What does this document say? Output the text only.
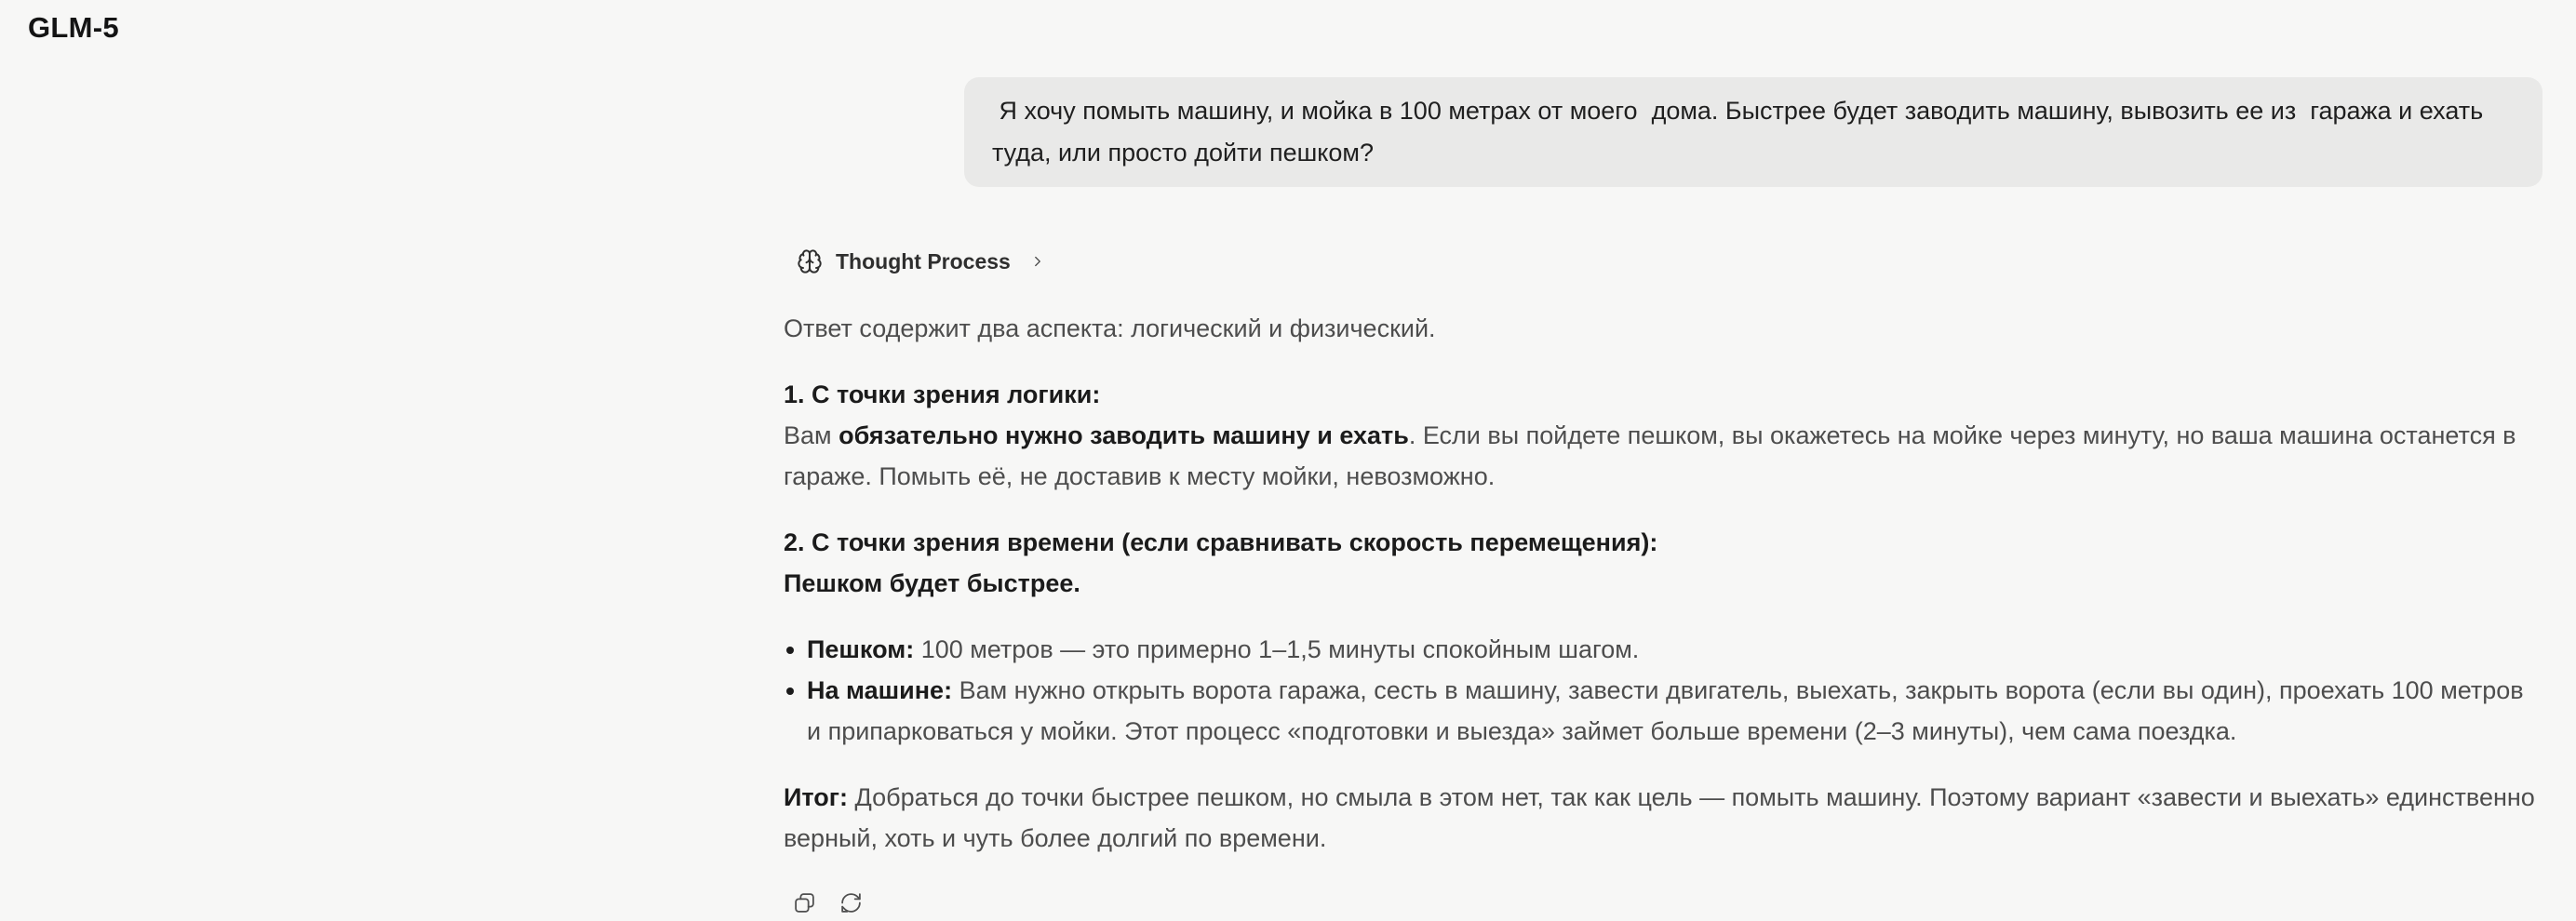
GLM-5
Я хочу помыть машину, и мойка в 100 метрах от моего  дома. Быстрее будет заводить машину, вывозить ее из  гаража и ехать туда, или просто дойти пешком?
Thought Process
Ответ содержит два аспекта: логический и физический.
1. С точки зрения логики:
Вам обязательно нужно заводить машину и ехать. Если вы пойдете пешком, вы окажетесь на мойке через минуту, но ваша машина останется в гараже. Помыть её, не доставив к месту мойки, невозможно.
2. С точки зрения времени (если сравнивать скорость перемещения):
Пешком будет быстрее.
Пешком: 100 метров — это примерно 1–1,5 минуты спокойным шагом.
На машине: Вам нужно открыть ворота гаража, сесть в машину, завести двигатель, выехать, закрыть ворота (если вы один), проехать 100 метров и припарковаться у мойки. Этот процесс «подготовки и выезда» займет больше времени (2–3 минуты), чем сама поездка.
Итог: Добраться до точки быстрее пешком, но смыла в этом нет, так как цель — помыть машину. Поэтому вариант «завести и выехать» единственно верный, хоть и чуть более долгий по времени.
